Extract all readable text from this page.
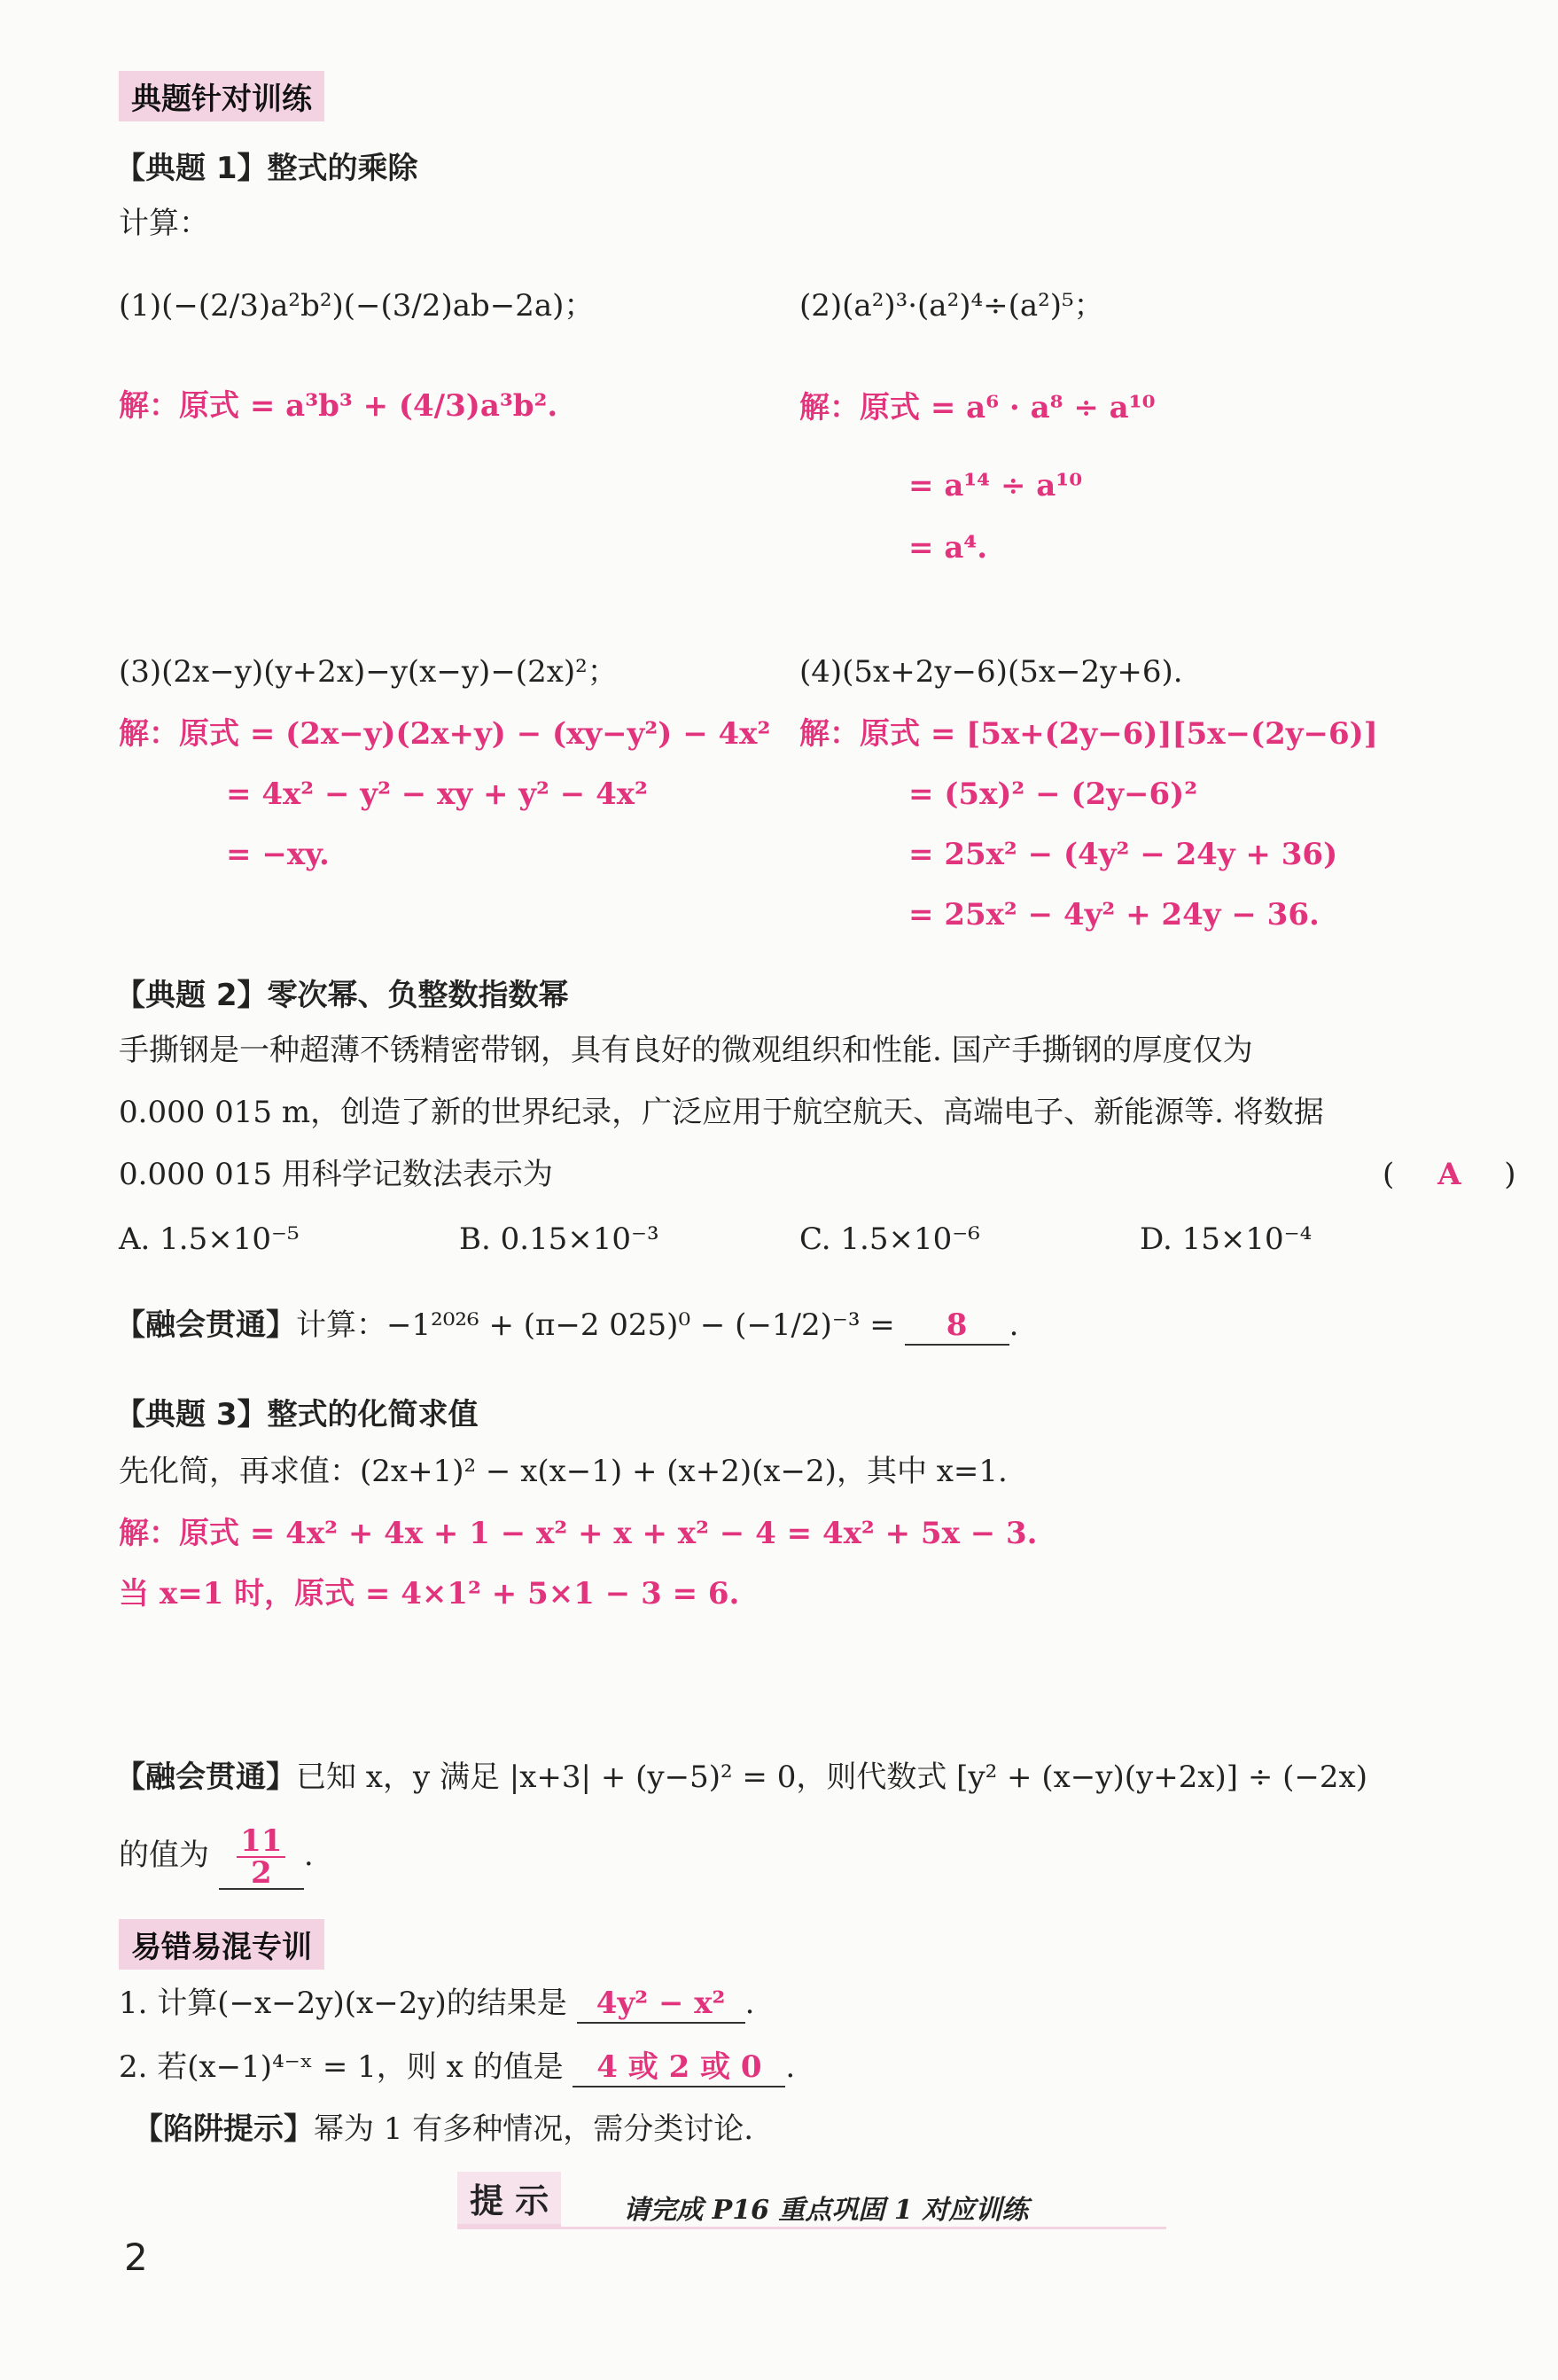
典题针对训练
【典题 1】整式的乘除
计算：
(1)(−(2/3)a²b²)(−(3/2)ab−2a)；
解：原式 = a³b³ + (4/3)a³b².
(2)(a²)³·(a²)⁴÷(a²)⁵；
解：原式 = a⁶ · a⁸ ÷ a¹⁰
= a¹⁴ ÷ a¹⁰
= a⁴.
(3)(2x−y)(y+2x)−y(x−y)−(2x)²；
解：原式 = (2x−y)(2x+y) − (xy−y²) − 4x²
= 4x² − y² − xy + y² − 4x²
= −xy.
(4)(5x+2y−6)(5x−2y+6).
解：原式 = [5x+(2y−6)][5x−(2y−6)]
= (5x)² − (2y−6)²
= 25x² − (4y² − 24y + 36)
= 25x² − 4y² + 24y − 36.
【典题 2】零次幂、负整数指数幂
手撕钢是一种超薄不锈精密带钢，具有良好的微观组织和性能. 国产手撕钢的厚度仅为
0.000 015 m，创造了新的世界纪录，广泛应用于航空航天、高端电子、新能源等. 将数据
0.000 015 用科学记数法表示为	( A )
A. 1.5×10⁻⁵	B. 0.15×10⁻³	C. 1.5×10⁻⁶	D. 15×10⁻⁴
【融会贯通】计算：−1²⁰²⁶ + (π−2 025)⁰ − (−1/2)⁻³ = 8 .
【典题 3】整式的化简求值
先化简，再求值：(2x+1)² − x(x−1) + (x+2)(x−2)，其中 x=1.
解：原式 = 4x² + 4x + 1 − x² + x + x² − 4 = 4x² + 5x − 3.
当 x=1 时，原式 = 4×1² + 5×1 − 3 = 6.
【融会贯通】已知 x，y 满足 |x+3| + (y−5)² = 0，则代数式 [y² + (x−y)(y+2x)] ÷ (−2x)
的值为 $\frac{11}{2}$ .
易错易混专训
1. 计算(−x−2y)(x−2y)的结果是 4y² − x² .
2. 若(x−1)⁴⁻ˣ = 1，则 x 的值是 4 或 2 或 0 .
【陷阱提示】幂为 1 有多种情况，需分类讨论.
提 示	请完成 P16 重点巩固 1 对应训练
2
